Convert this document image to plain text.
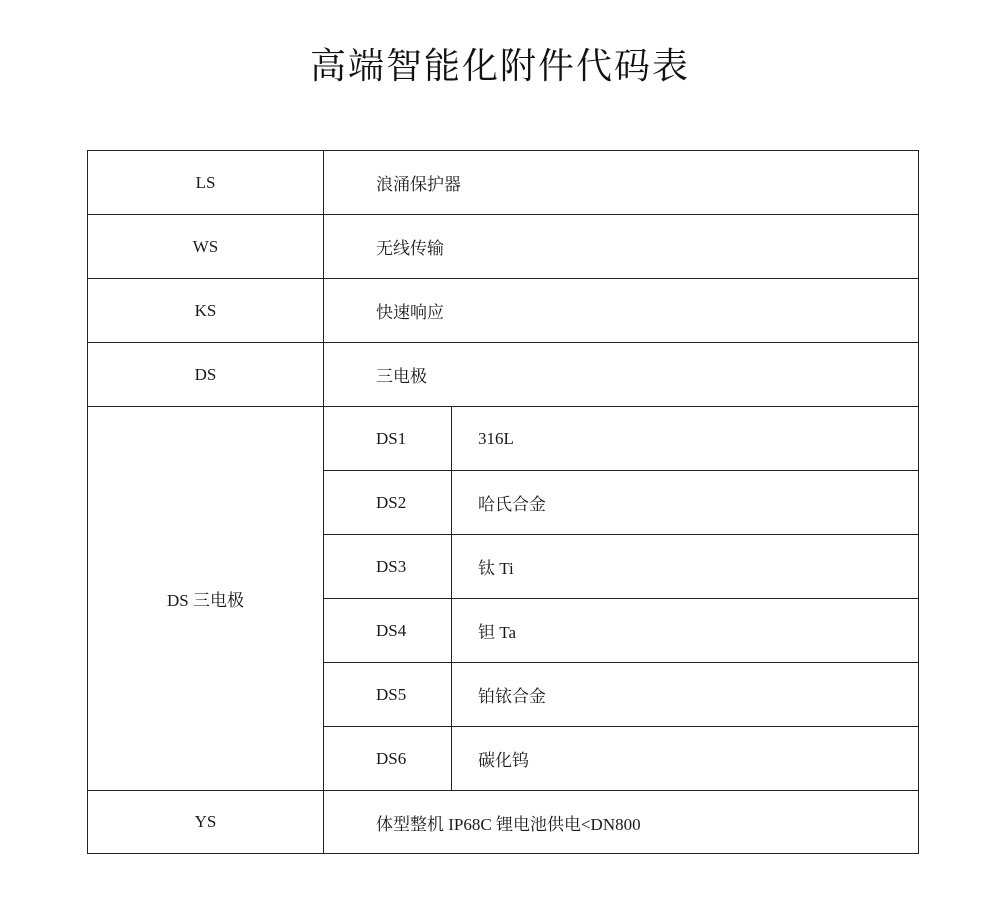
高端智能化附件代码表
LS	浪涌保护器
WS	无线传输
KS	快速响应
DS	三电极
DS 三电极
DS1	316L
DS2	哈氏合金
DS3	钛 Ti
DS4	钽 Ta
DS5	铂铱合金
DS6	碳化钨
YS	体型整机 IP68C 锂电池供电<DN800
